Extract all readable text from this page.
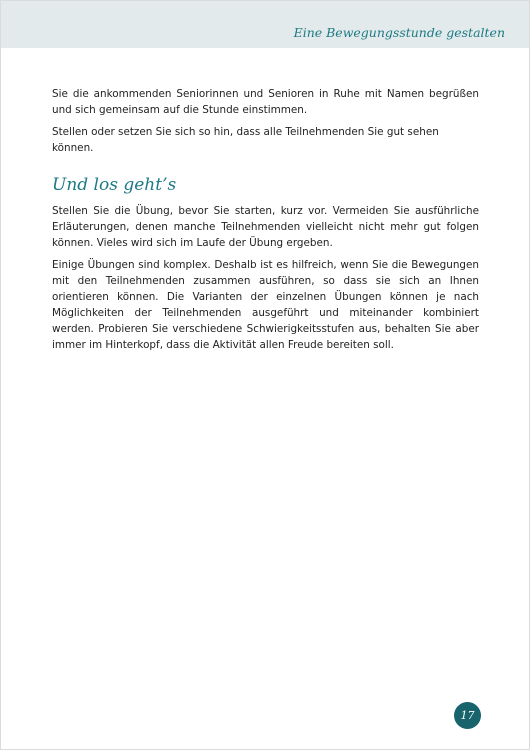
Eine Bewegungsstunde gestalten

Sie die ankommenden Seniorinnen und Senioren in Ruhe mit Namen begrüßen und sich gemeinsam auf die Stunde einstimmen.

Stellen oder setzen Sie sich so hin, dass alle Teilnehmenden Sie gut sehen können.

Und los geht’s

Stellen Sie die Übung, bevor Sie starten, kurz vor. Vermeiden Sie ausführliche Erläuterungen, denen manche Teilnehmenden vielleicht nicht mehr gut folgen können. Vieles wird sich im Laufe der Übung ergeben.

Einige Übungen sind komplex. Deshalb ist es hilfreich, wenn Sie die Bewegungen mit den Teilnehmenden zusammen ausführen, so dass sie sich an Ihnen orientieren können. Die Varianten der einzelnen Übungen können je nach Möglichkeiten der Teilnehmenden ausgeführt und miteinander kombiniert werden. Probieren Sie verschiedene Schwierigkeitsstufen aus, behalten Sie aber immer im Hinterkopf, dass die Aktivität allen Freude bereiten soll.

17
